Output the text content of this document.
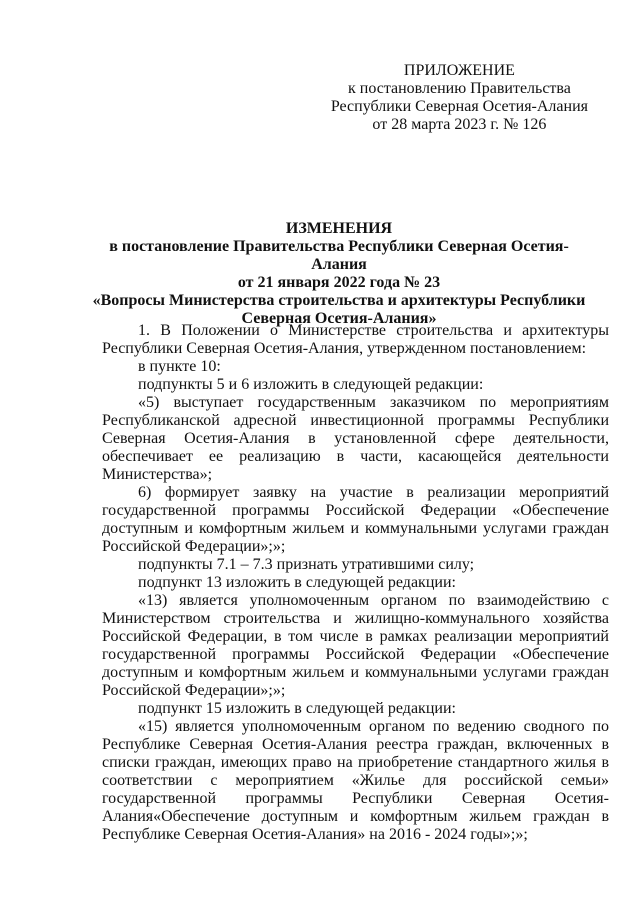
ПРИЛОЖЕНИЕ
к постановлению Правительства
Республики Северная Осетия-Алания
от 28 марта 2023 г. № 126
ИЗМЕНЕНИЯ
в постановление Правительства Республики Северная Осетия-Алания
от 21 января 2022 года № 23
«Вопросы Министерства строительства и архитектуры Республики
Северная Осетия-Алания»

1. В Положении о Министерстве строительства и архитектуры Республики Северная Осетия-Алания, утвержденном постановлением:

в пункте 10:

подпункты 5 и 6 изложить в следующей редакции:

«5) выступает государственным заказчиком по мероприятиям Республиканской адресной инвестиционной программы Республики Северная Осетия-Алания в установленной сфере деятельности, обеспечивает ее реализацию в части, касающейся деятельности Министерства»;

6) формирует заявку на участие в реализации мероприятий государственной программы Российской Федерации «Обеспечение доступным и комфортным жильем и коммунальными услугами граждан Российской Федерации»;»;

подпункты 7.1 – 7.3 признать утратившими силу;

подпункт 13 изложить в следующей редакции:

«13) является уполномоченным органом по взаимодействию с Министерством строительства и жилищно-коммунального хозяйства Российской Федерации, в том числе в рамках реализации мероприятий государственной программы Российской Федерации «Обеспечение доступным и комфортным жильем и коммунальными услугами граждан Российской Федерации»;»;

подпункт 15 изложить в следующей редакции:

«15) является уполномоченным органом по ведению сводного по Республике Северная Осетия-Алания реестра граждан, включенных в списки граждан, имеющих право на приобретение стандартного жилья в соответствии с мероприятием «Жилье для российской семьи» государственной программы Республики Северная Осетия-Алания«Обеспечение доступным и комфортным жильем граждан в Республике Северная Осетия-Алания» на 2016 - 2024 годы»;»;
